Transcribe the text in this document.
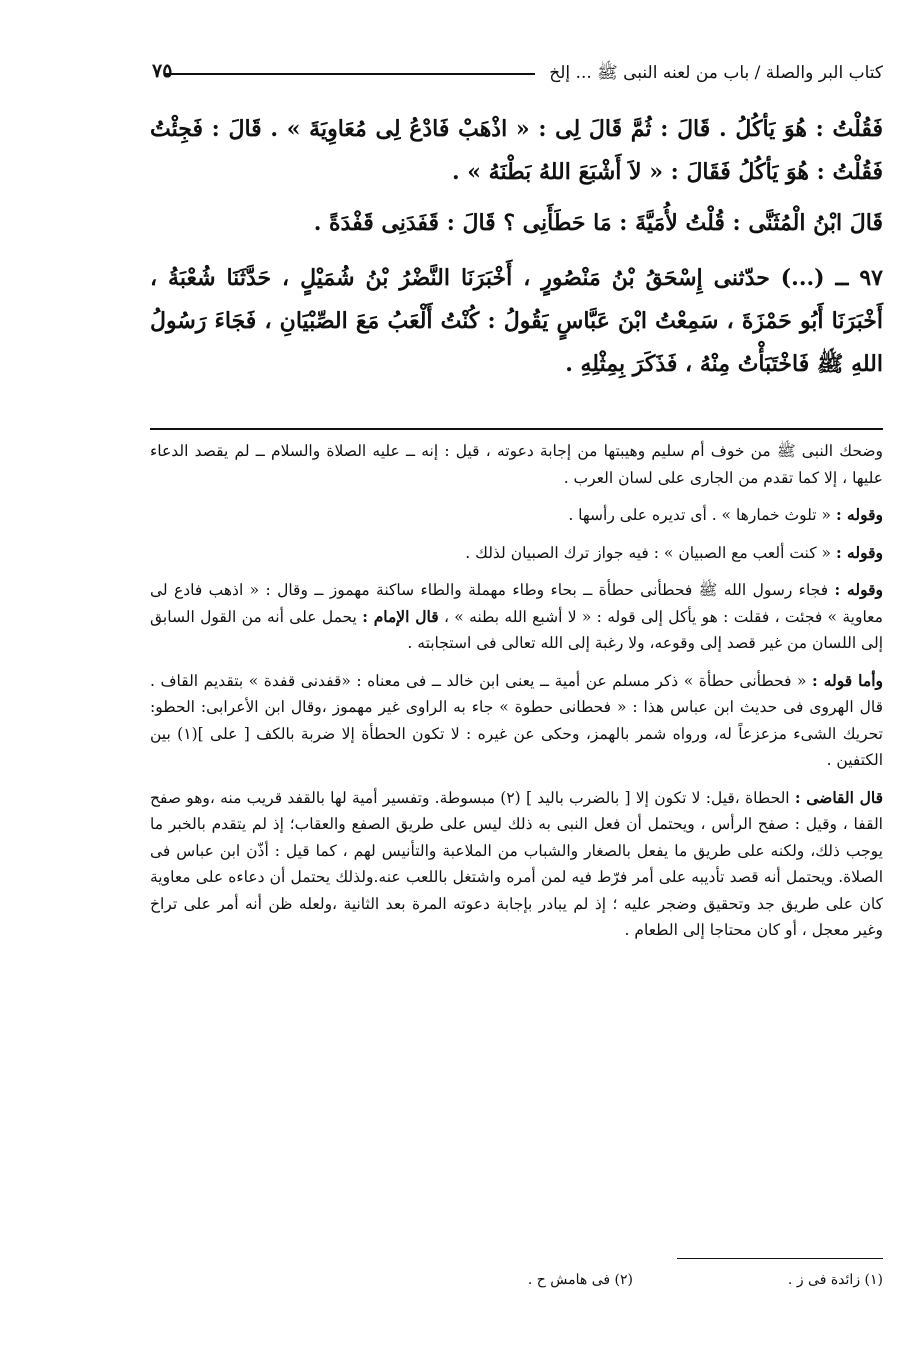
كتاب البر والصلة / باب من لعنه النبى ﷺ ... إلخ
٧٥

فَقُلْتُ : هُوَ يَأكُلُ . قَالَ : ثُمَّ قَالَ لِى : « اذْهَبْ فَادْعُ لِى مُعَاوِيَةَ » . قَالَ : فَجِئْتُ فَقُلْتُ : هُوَ يَأكُلُ فَقَالَ : « لاَ أَشْبَعَ اللهُ بَطْنَهُ » .

قَالَ ابْنُ الْمُثَنَّى : قُلْتُ لأُمَيَّةَ : مَا حَطَأَنِى ؟ قَالَ : قَفَدَنِى قَفْدَةً .

٩٧ ــ (...) حدّثنى إِسْحَقُ بْنُ مَنْصُورٍ ، أَخْبَرَنَا النَّضْرُ بْنُ شُمَيْلٍ ، حَدَّثَنَا شُعْبَةُ ، أَخْبَرَنَا أَبُو حَمْزَةَ ، سَمِعْتُ ابْنَ عَبَّاسٍ يَقُولُ : كُنْتُ أَلْعَبُ مَعَ الصِّبْيَانِ ، فَجَاءَ رَسُولُ اللهِ ﷺ فَاخْتَبَأْتُ مِنْهُ ، فَذَكَرَ بِمِثْلِهِ .

وضحك النبى ﷺ من خوف أم سليم وهيبتها من إجابة دعوته ، قيل : إنه ــ عليه الصلاة والسلام ــ لم يقصد الدعاء عليها ، إلا كما تقدم من الجارى على لسان العرب .

وقوله : « تلوث خمارها » . أى تديره على رأسها .

وقوله : « كنت ألعب مع الصبيان » : فيه جواز ترك الصبيان لذلك .

وقوله : فجاء رسول الله ﷺ فحطأنى حطأة ــ بحاء وطاء مهملة والطاء ساكنة مهموز ــ وقال : « اذهب فادع لى معاوية » فجئت ، فقلت : هو يأكل إلى قوله : « لا أشبع الله بطنه » ، قال الإمام : يحمل على أنه من القول السابق إلى اللسان من غير قصد إلى وقوعه، ولا رغبة إلى الله تعالى فى استجابته .

وأما قوله : « فحطأنى حطأة » ذكر مسلم عن أمية ــ يعنى ابن خالد ــ فى معناه : «قفدنى قفدة » بتقديم القاف . قال الهروى فى حديث ابن عباس هذا : « فحطانى حطوة » جاء به الراوى غير مهموز ،وقال ابن الأعرابى: الحطو: تحريك الشىء مزعزعاً له، ورواه شمر بالهمز، وحكى عن غيره : لا تكون الحطأة إلا ضربة بالكف [ على ](١) بين الكتفين .

قال القاضى : الحطاة ،قيل: لا تكون إلا [ بالضرب باليد ] (٢) مبسوطة. وتفسير أمية لها بالقفد قريب منه ،وهو صفح القفا ، وقيل : صفح الرأس ، ويحتمل أن فعل النبى به ذلك ليس على طريق الصفع والعقاب؛ إذ لم يتقدم بالخبر ما يوجب ذلك، ولكنه على طريق ما يفعل بالصغار والشباب من الملاعبة والتأنيس لهم ، كما قيل : أذّن ابن عباس فى الصلاة. ويحتمل أنه قصد تأديبه على أمر فرّط فيه لمن أمره واشتغل باللعب عنه.ولذلك يحتمل أن دعاءه على معاوية كان على طريق جد وتحقيق وضجر عليه ؛ إذ لم يبادر بإجابة دعوته المرة بعد الثانية ،ولعله ظن أنه أمر على تراخ وغير معجل ، أو كان محتاجا إلى الطعام .

(١) زائدة فى ز .
(٢) فى هامش ح .
